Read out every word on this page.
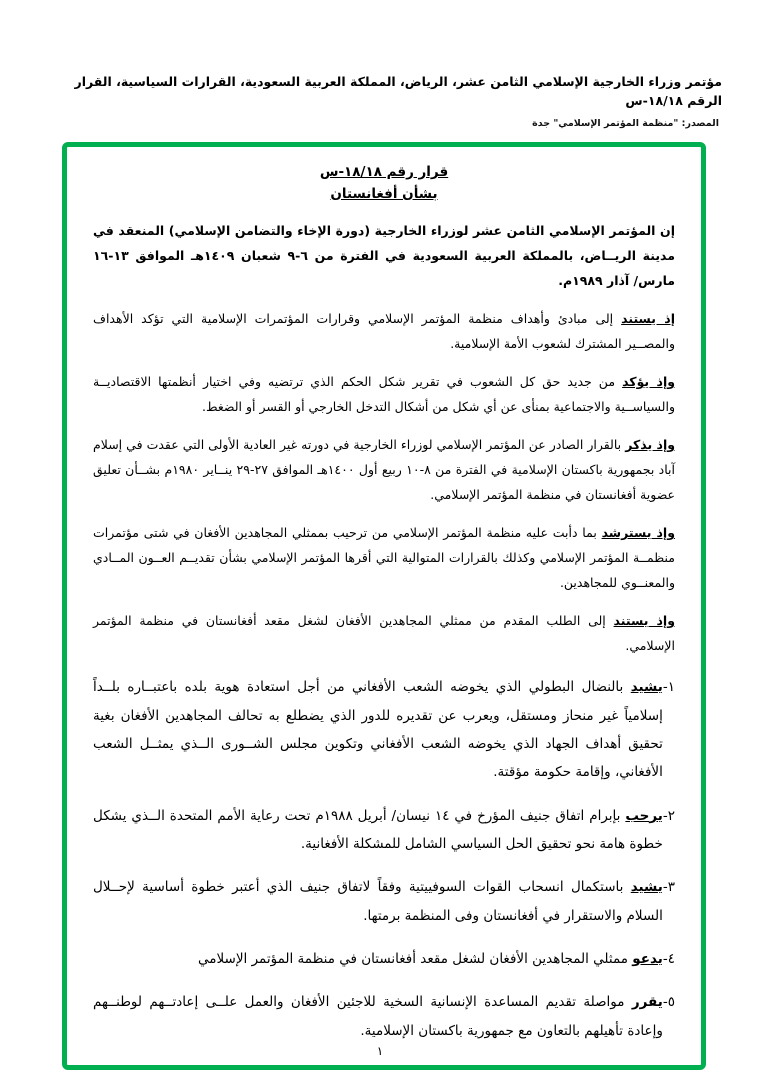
مؤتمر وزراء الخارجية الإسلامي الثامن عشر، الرياض، المملكة العربية السعودية، القرارات السياسية، القرار الرقم ١٨/١٨-س
المصدر: "منظمة المؤتمر الإسلامي" جدة
قرار رقم ١٨/١٨-س
بشأن أفغانستان

إن المؤتمر الإسلامي الثامن عشر لوزراء الخارجية (دورة الإخاء والتضامن الإسلامي) المنعقد في مدينة الريــاض، بالمملكة العربية السعودية في الفترة من ٦-٩ شعبان ١٤٠٩هـ الموافق ١٣-١٦ مارس/ آذار ١٩٨٩م.

إذ يستند إلى مبادئ وأهداف منظمة المؤتمر الإسلامي وقرارات المؤتمرات الإسلامية التي تؤكد الأهداف والمصــير المشترك لشعوب الأمة الإسلامية.

وإذ يؤكد من جديد حق كل الشعوب في تقرير شكل الحكم الذي ترتضيه وفي اختيار أنظمتها الاقتصاديــة والسياســية والاجتماعية بمنأى عن أي شكل من أشكال التدخل الخارجي أو القسر أو الضغط.

وإذ يذكر بالقرار الصادر عن المؤتمر الإسلامي لوزراء الخارجية في دورته غير العادية الأولى التي عقدت في إسلام آباد بجمهورية باكستان الإسلامية في الفترة من ٨-١٠ ربيع أول ١٤٠٠هـ الموافق ٢٧-٢٩ ينــاير ١٩٨٠م بشــأن تعليق عضوية أفغانستان في منظمة المؤتمر الإسلامي.

وإذ يسترشد بما دأبت عليه منظمة المؤتمر الإسلامي من ترحيب بممثلي المجاهدين الأفغان في شتى مؤتمرات منظمــة المؤتمر الإسلامي وكذلك بالقرارات المتوالية التي أقرها المؤتمر الإسلامي بشأن تقديــم العــون المــادي والمعنــوي للمجاهدين.

وإذ يستند إلى الطلب المقدم من ممثلي المجاهدين الأفغان لشغل مقعد أفغانستان في منظمة المؤتمر الإسلامي.

١-
يشيد بالنضال البطولي الذي يخوضه الشعب الأفغاني من أجل استعادة هوية بلده باعتبــاره بلــداً إسلامياً غير منحاز ومستقل، ويعرب عن تقديره للدور الذي يضطلع به تحالف المجاهدين الأفغان بغية تحقيق أهداف الجهاد الذي يخوضه الشعب الأفغاني وتكوين مجلس الشــورى الــذي يمثــل الشعب الأفغاني، وإقامة حكومة مؤقتة.
٢-
يرحب بإبرام اتفاق جنيف المؤرخ في ١٤ نيسان/ أبريل ١٩٨٨م تحت رعاية الأمم المتحدة الــذي يشكل خطوة هامة نحو تحقيق الحل السياسي الشامل للمشكلة الأفغانية.
٣-
يشيد باستكمال انسحاب القوات السوفييتية وفقاً لاتفاق جنيف الذي أعتبر خطوة أساسية لإحــلال السلام والاستقرار في أفغانستان وفى المنظمة برمتها.
٤-
يدعو ممثلي المجاهدين الأفغان لشغل مقعد أفغانستان في منظمة المؤتمر الإسلامي
٥-
يقرر مواصلة تقديم المساعدة الإنسانية السخية للاجئين الأفغان والعمل علــى إعادتــهم لوطنــهم وإعادة تأهيلهم بالتعاون مع جمهورية باكستان الإسلامية.
١
